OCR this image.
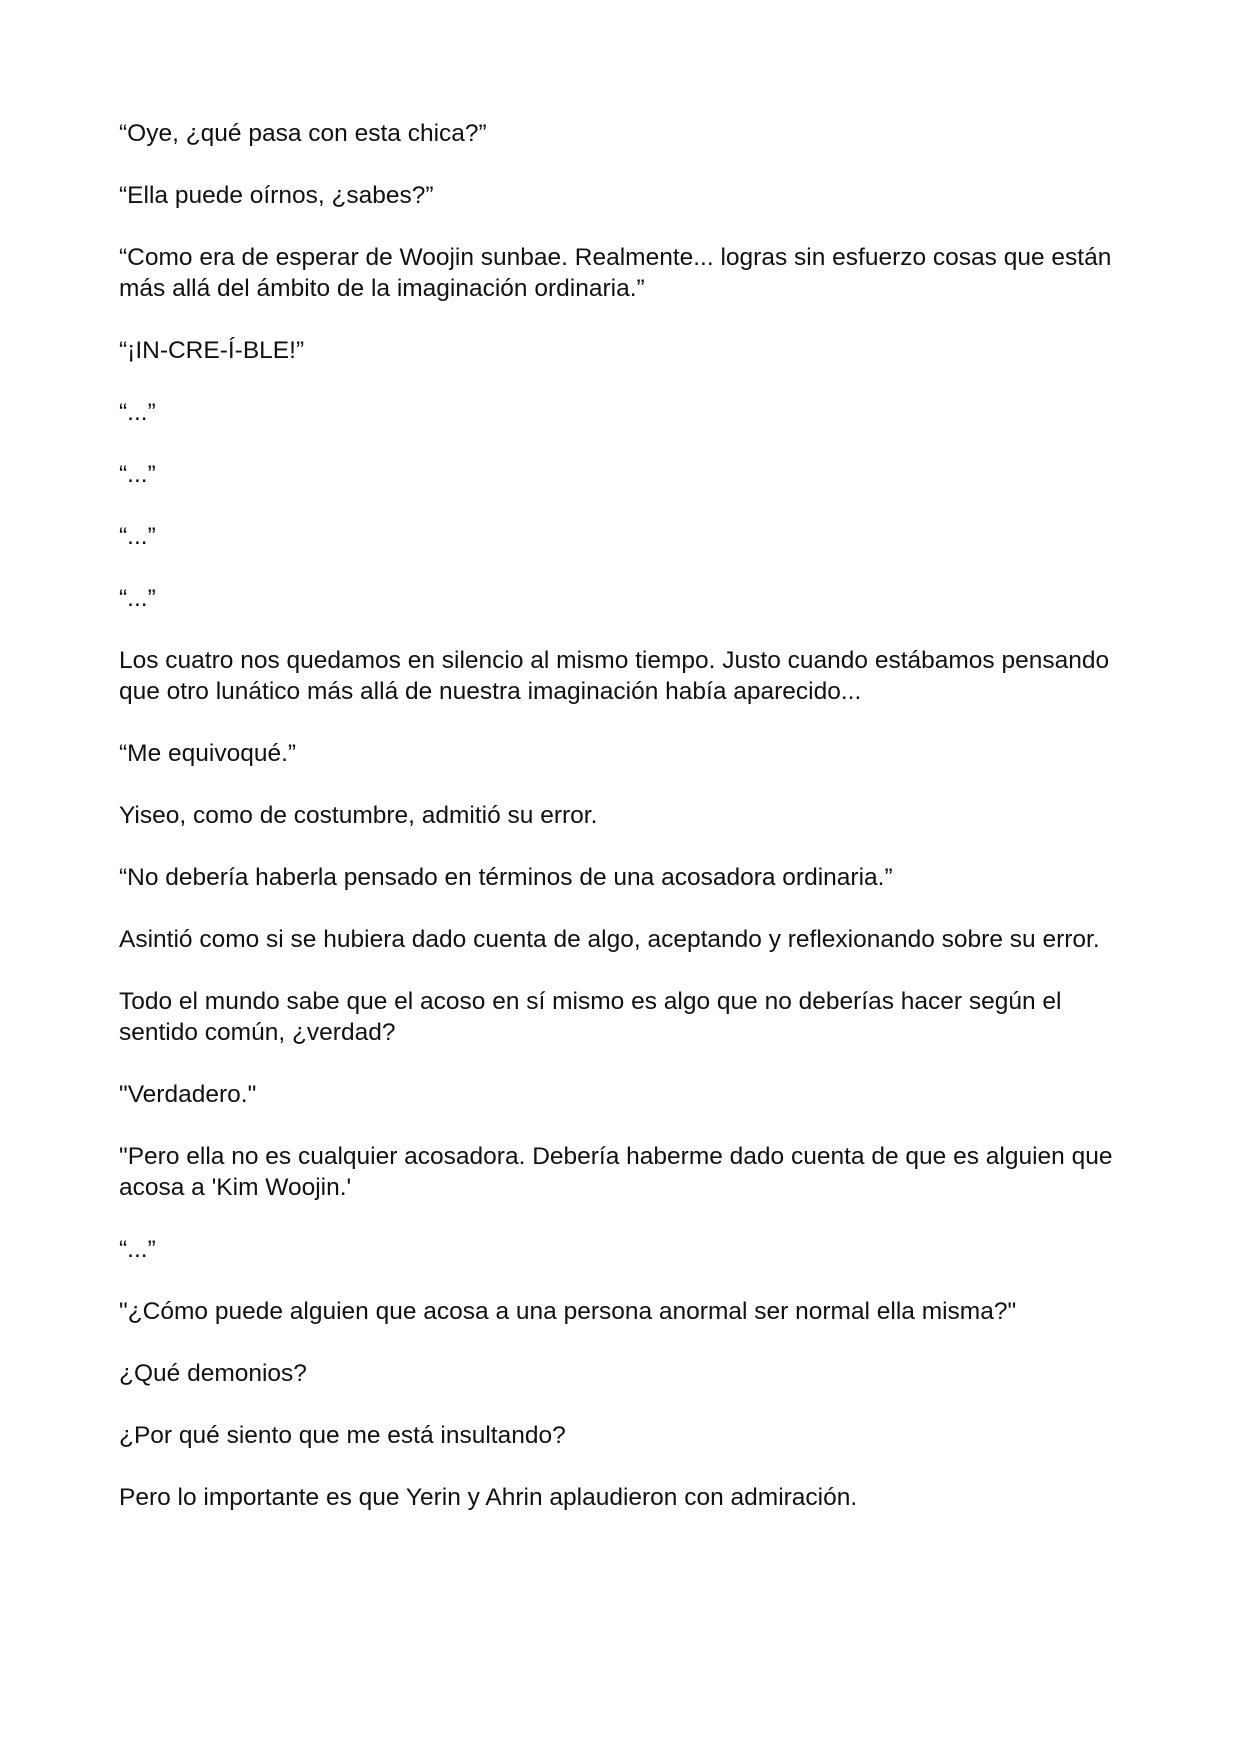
“Oye, ¿qué pasa con esta chica?”

“Ella puede oírnos, ¿sabes?”

“Como era de esperar de Woojin sunbae. Realmente... logras sin esfuerzo cosas que están más allá del ámbito de la imaginación ordinaria.”

“¡IN-CRE-Í-BLE!”

“...”

“...”

“...”

“...”

Los cuatro nos quedamos en silencio al mismo tiempo. Justo cuando estábamos pensando que otro lunático más allá de nuestra imaginación había aparecido...

“Me equivoqué.”

Yiseo, como de costumbre, admitió su error.

“No debería haberla pensado en términos de una acosadora ordinaria.”

Asintió como si se hubiera dado cuenta de algo, aceptando y reflexionando sobre su error.

Todo el mundo sabe que el acoso en sí mismo es algo que no deberías hacer según el sentido común, ¿verdad?

"Verdadero."

"Pero ella no es cualquier acosadora. Debería haberme dado cuenta de que es alguien que acosa a 'Kim Woojin.'

“...”

"¿Cómo puede alguien que acosa a una persona anormal ser normal ella misma?"

¿Qué demonios?

¿Por qué siento que me está insultando?

Pero lo importante es que Yerin y Ahrin aplaudieron con admiración.
